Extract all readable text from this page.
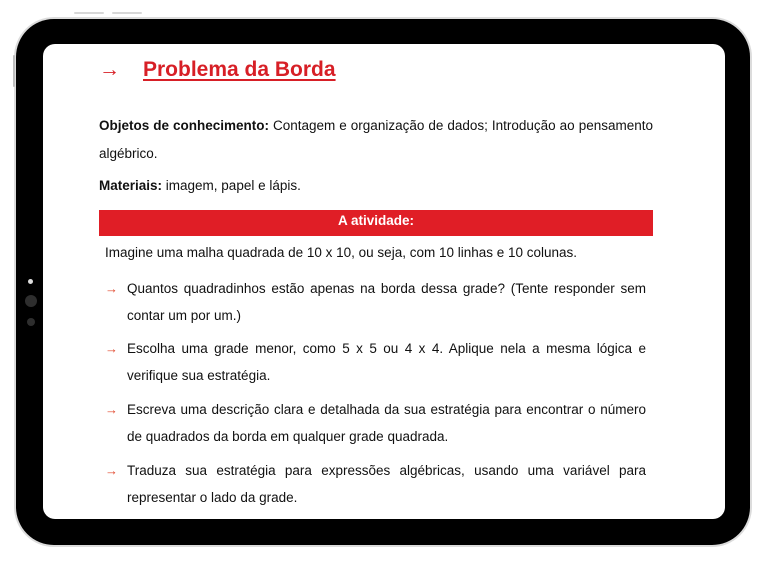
→	Problema da Borda
Objetos de conhecimento: Contagem e organização de dados; Introdução ao pensamento algébrico.
Materiais: imagem, papel e lápis.
A atividade:
Imagine uma malha quadrada de 10 x 10, ou seja, com 10 linhas e 10 colunas.
→ Quantos quadradinhos estão apenas na borda dessa grade? (Tente responder sem contar um por um.)
→ Escolha uma grade menor, como 5 x 5 ou 4 x 4. Aplique nela a mesma lógica e verifique sua estratégia.
→ Escreva uma descrição clara e detalhada da sua estratégia para encontrar o número de quadrados da borda em qualquer grade quadrada.
→ Traduza sua estratégia para expressões algébricas, usando uma variável para representar o lado da grade.
